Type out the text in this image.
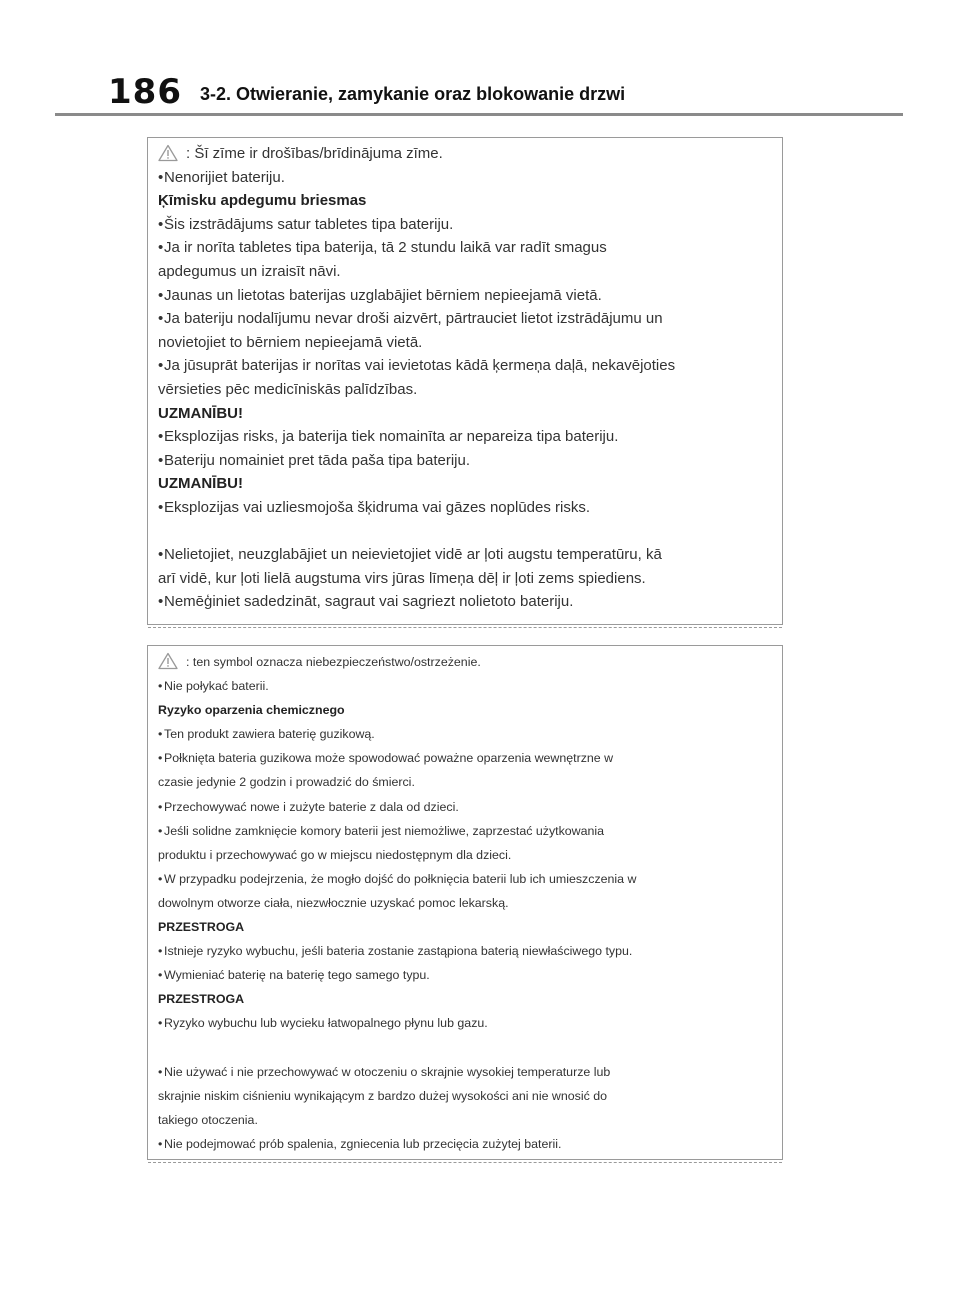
186 3-2. Otwieranie, zamykanie oraz blokowanie drzwi
: Šī zīme ir drošības/brīdinājuma zīme.
•Nenorijiet bateriju.
Ķīmisku apdegumu briesmas
•Šis izstrādājums satur tabletes tipa bateriju.
•Ja ir norīta tabletes tipa baterija, tā 2 stundu laikā var radīt smagus
apdegumus un izraisīt nāvi.
•Jaunas un lietotas baterijas uzglabājiet bērniem nepieejamā vietā.
•Ja bateriju nodalījumu nevar droši aizvērt, pārtrauciet lietot izstrādājumu un
novietojiet to bērniem nepieejamā vietā.
•Ja jūsuprāt baterijas ir norītas vai ievietotas kādā ķermeņa daļā, nekavējoties
vērsieties pēc medicīniskās palīdzības.
UZMANĪBU!
•Eksplozijas risks, ja baterija tiek nomainīta ar nepareiza tipa bateriju.
•Bateriju nomainiet pret tāda paša tipa bateriju.
UZMANĪBU!
•Eksplozijas vai uzliesmojoša šķidruma vai gāzes noplūdes risks.
•Nelietojiet, neuzglabājiet un neievietojiet vidē ar ļoti augstu temperatūru, kā
arī vidē, kur ļoti lielā augstuma virs jūras līmeņa dēļ ir ļoti zems spiediens.
•Nemēģiniet sadedzināt, sagraut vai sagriezt nolietoto bateriju.
: ten symbol oznacza niebezpieczeństwo/ostrzeżenie.
• Nie połykać baterii.
Ryzyko oparzenia chemicznego
• Ten produkt zawiera baterię guzikową.
• Połknięta bateria guzikowa może spowodować poważne oparzenia wewnętrzne w
czasie jedynie 2 godzin i prowadzić do śmierci.
• Przechowywać nowe i zużyte baterie z dala od dzieci.
• Jeśli solidne zamknięcie komory baterii jest niemożliwe, zaprzestać użytkowania
produktu i przechowywać go w miejscu niedostępnym dla dzieci.
• W przypadku podejrzenia, że mogło dojść do połknięcia baterii lub ich umieszczenia w
dowolnym otworze ciała, niezwłocznie uzyskać pomoc lekarską.
PRZESTROGA
• Istnieje ryzyko wybuchu, jeśli bateria zostanie zastąpiona baterią niewłaściwego typu.
• Wymieniać baterię na baterię tego samego typu.
PRZESTROGA
• Ryzyko wybuchu lub wycieku łatwopalnego płynu lub gazu.
• Nie używać i nie przechowywać w otoczeniu o skrajnie wysokiej temperaturze lub
skrajnie niskim ciśnieniu wynikającym z bardzo dużej wysokości ani nie wnosić do
takiego otoczenia.
• Nie podejmować prób spalenia, zgniecenia lub przecięcia zużytej baterii.
